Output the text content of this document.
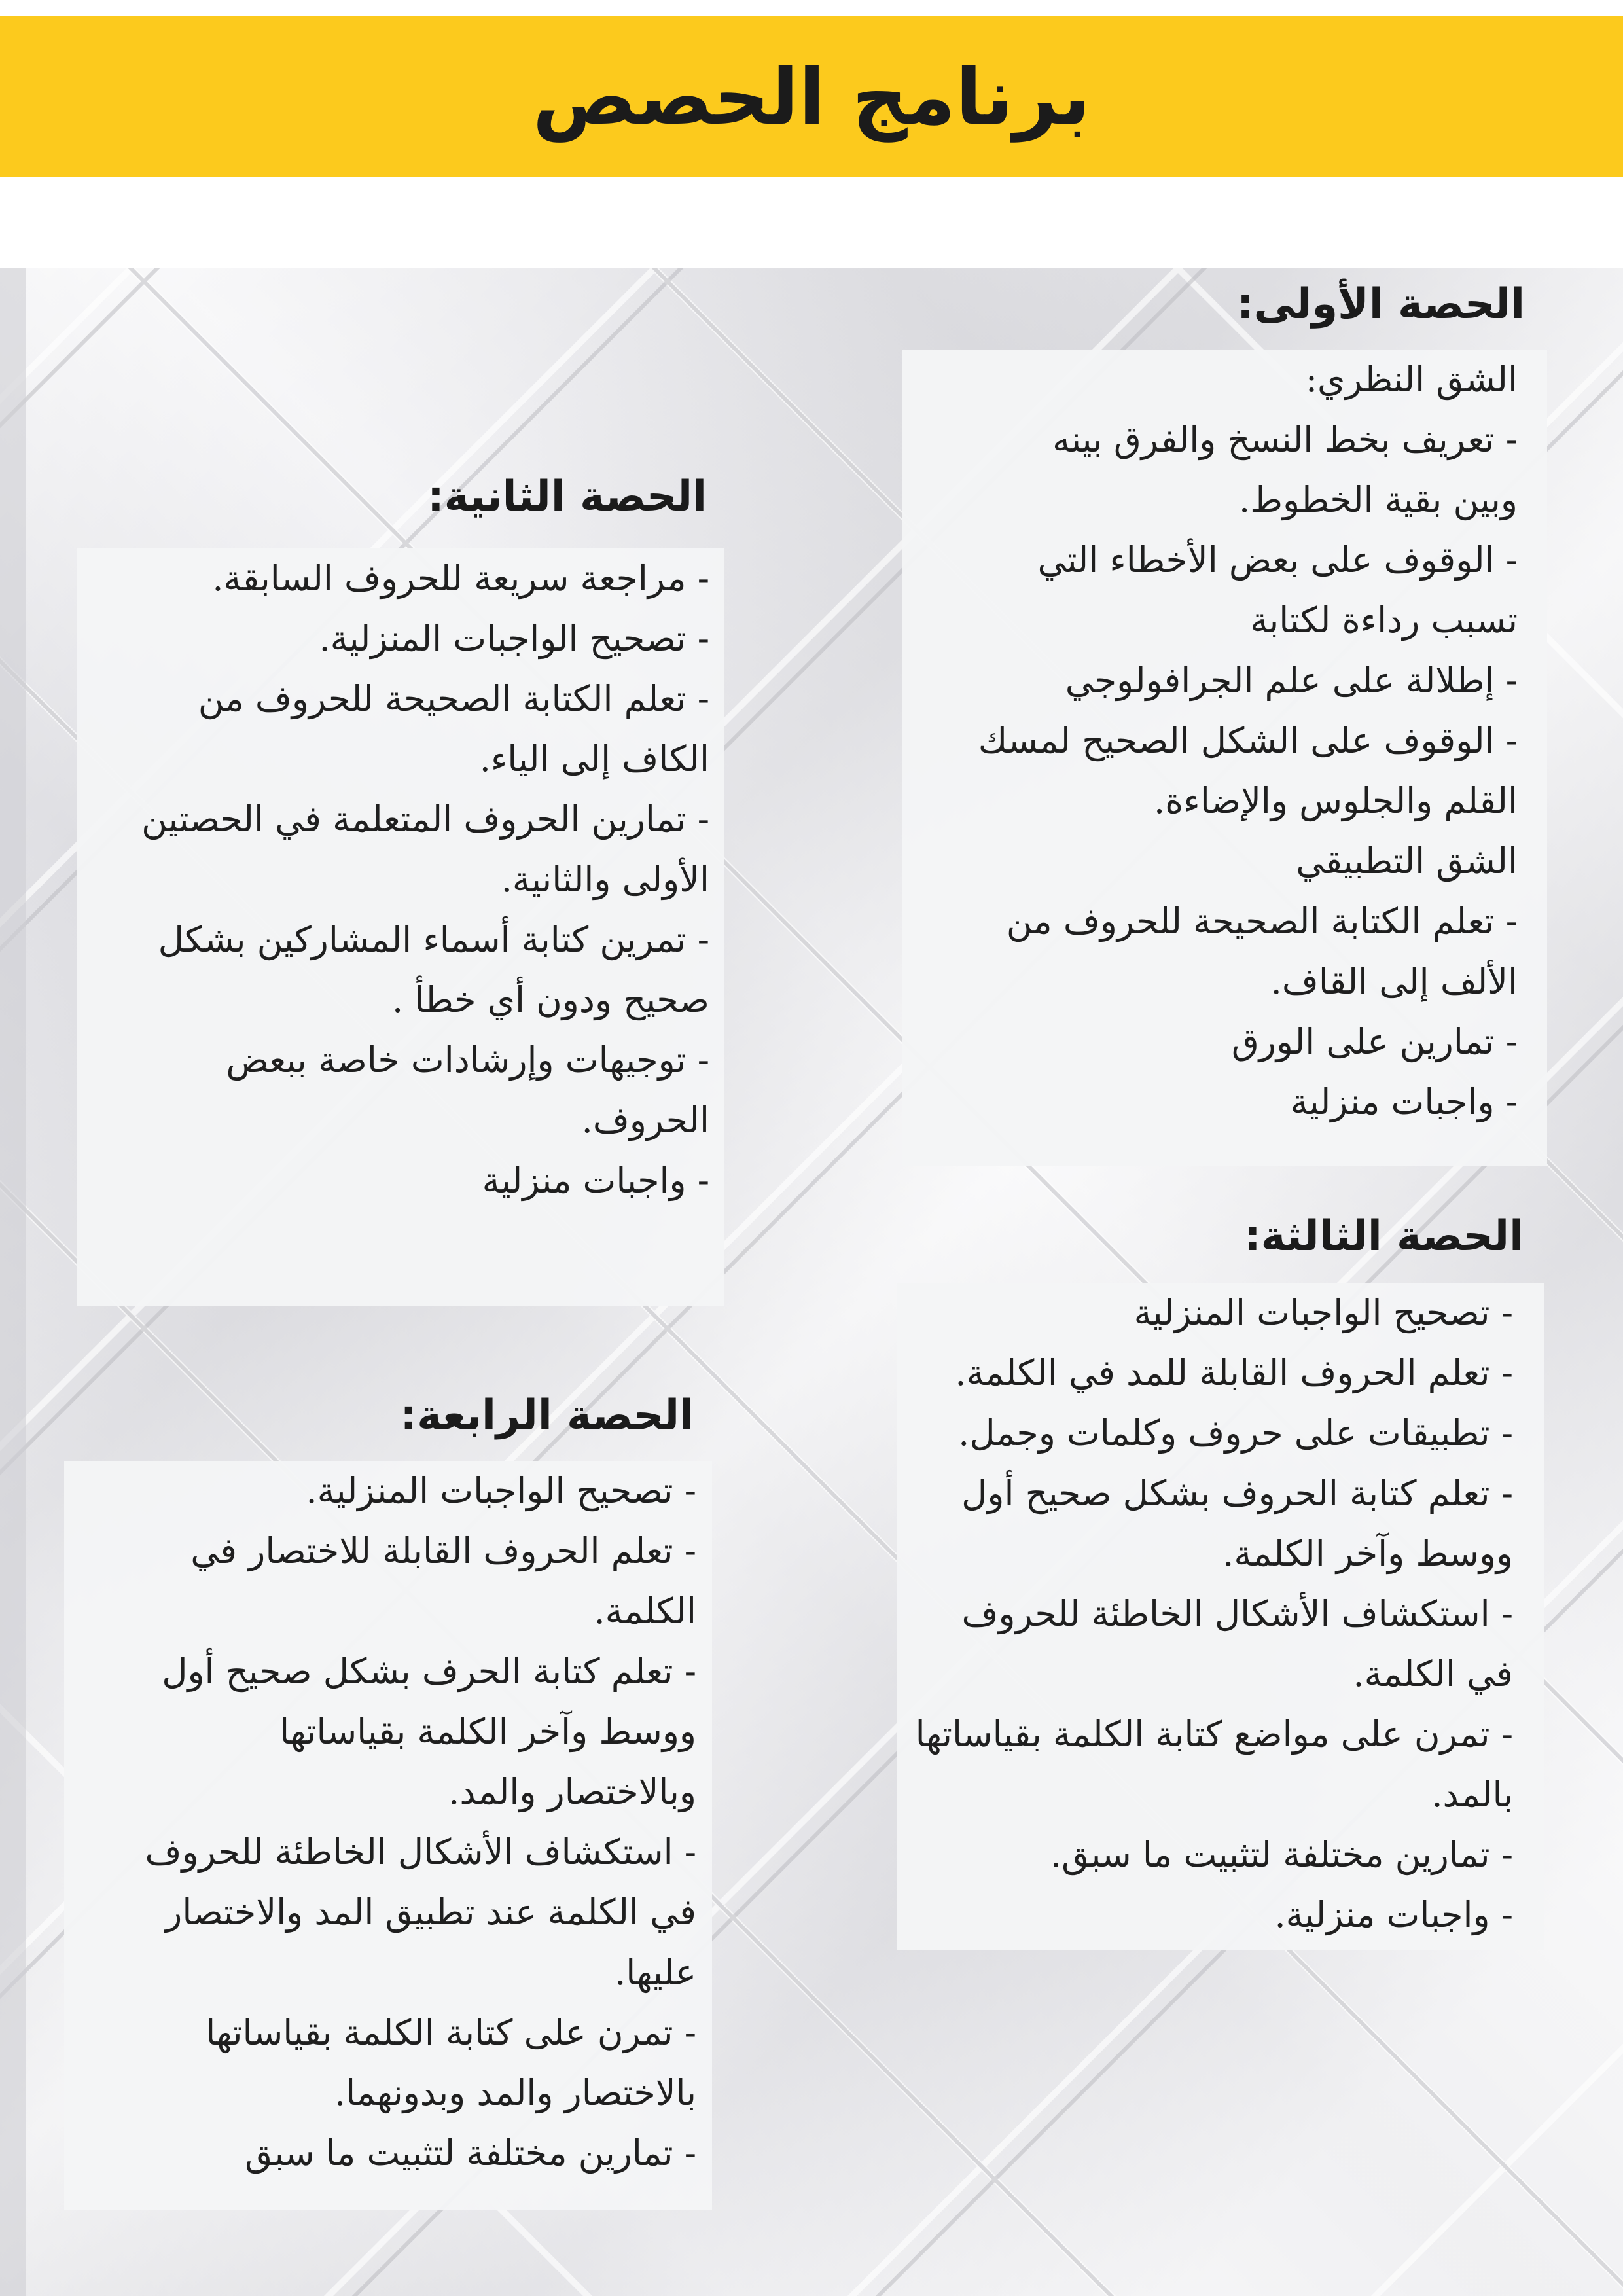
برنامج الحصص
الحصة الأولى:
الشق النظري:
- تعريف بخط النسخ والفرق بينه
وبين بقية الخطوط.
- الوقوف على بعض الأخطاء التي
تسبب رداءة لكتابة
- إطلالة على علم الجرافولوجي
- الوقوف على الشكل الصحيح لمسك
القلم والجلوس والإضاءة.
الشق التطبيقي
- تعلم الكتابة الصحيحة للحروف من
الألف إلى القاف.
- تمارين على الورق
- واجبات منزلية
الحصة الثانية:
- مراجعة سريعة للحروف السابقة.
- تصحيح الواجبات المنزلية.
- تعلم الكتابة الصحيحة للحروف من
الكاف إلى الياء.
- تمارين الحروف المتعلمة في الحصتين
الأولى والثانية.
- تمرين كتابة أسماء المشاركين بشكل
صحيح ودون أي خطأ .
- توجيهات وإرشادات خاصة ببعض
الحروف.
- واجبات منزلية
الحصة الثالثة:
- تصحيح الواجبات المنزلية
- تعلم الحروف القابلة للمد في الكلمة.
- تطبيقات على حروف وكلمات وجمل.
- تعلم كتابة الحروف بشكل صحيح أول
ووسط وآخر الكلمة.
- استكشاف الأشكال الخاطئة للحروف
في الكلمة.
- تمرن على مواضع كتابة الكلمة بقياساتها
بالمد.
- تمارين مختلفة لتثبيت ما سبق.
- واجبات منزلية.
الحصة الرابعة:
- تصحيح الواجبات المنزلية.
- تعلم الحروف القابلة للاختصار في
الكلمة.
- تعلم كتابة الحرف بشكل صحيح أول
ووسط وآخر الكلمة بقياساتها
وبالاختصار والمد.
- استكشاف الأشكال الخاطئة للحروف
في الكلمة عند تطبيق المد والاختصار
عليها.
- تمرن على كتابة الكلمة بقياساتها
بالاختصار والمد وبدونهما.
- تمارين مختلفة لتثبيت ما سبق
